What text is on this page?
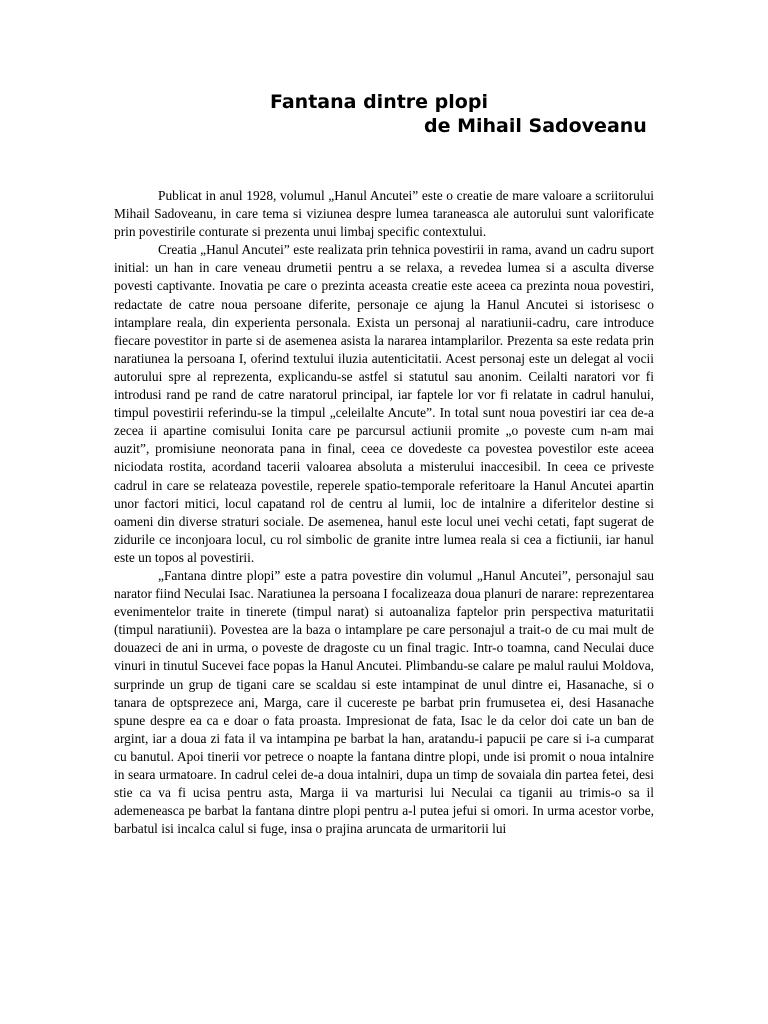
Fantana dintre plopi
de Mihail Sadoveanu

Publicat in anul 1928, volumul „Hanul Ancutei” este o creatie de mare valoare a scriitorului Mihail Sadoveanu, in care tema si viziunea despre lumea taraneasca ale autorului sunt valorificate prin povestirile conturate si prezenta unui limbaj specific contextului.

Creatia „Hanul Ancutei” este realizata prin tehnica povestirii in rama, avand un cadru suport initial: un han in care veneau drumetii pentru a se relaxa, a revedea lumea si a asculta diverse povesti captivante. Inovatia pe care o prezinta aceasta creatie este aceea ca prezinta noua povestiri, redactate de catre noua persoane diferite, personaje ce ajung la Hanul Ancutei si istorisesc o intamplare reala, din experienta personala. Exista un personaj al naratiunii-cadru, care introduce fiecare povestitor in parte si de asemenea asista la nararea intamplarilor. Prezenta sa este redata prin naratiunea la persoana I, oferind textului iluzia autenticitatii. Acest personaj este un delegat al vocii autorului spre al reprezenta, explicandu-se astfel si statutul sau anonim. Ceilalti naratori vor fi introdusi rand pe rand de catre naratorul principal, iar faptele lor vor fi relatate in cadrul hanului, timpul povestirii referindu-se la timpul „celeilalte Ancute”. In total sunt noua povestiri iar cea de-a zecea ii apartine comisului Ionita care pe parcursul actiunii promite „o poveste cum n-am mai auzit”, promisiune neonorata pana in final, ceea ce dovedeste ca povestea povestilor este aceea niciodata rostita, acordand tacerii valoarea absoluta a misterului inaccesibil. In ceea ce priveste cadrul in care se relateaza povestile, reperele spatio-temporale referitoare la Hanul Ancutei apartin unor factori mitici, locul capatand rol de centru al lumii, loc de intalnire a diferitelor destine si oameni din diverse straturi sociale. De asemenea, hanul este locul unei vechi cetati, fapt sugerat de zidurile ce inconjoara locul, cu rol simbolic de granite intre lumea reala si cea a fictiunii, iar hanul este un topos al povestirii.

„Fantana dintre plopi” este a patra povestire din volumul „Hanul Ancutei”, personajul sau narator fiind Neculai Isac. Naratiunea la persoana I focalizeaza doua planuri de narare: reprezentarea evenimentelor traite in tinerete (timpul narat) si autoanaliza faptelor prin perspectiva maturitatii (timpul naratiunii). Povestea are la baza o intamplare pe care personajul a trait-o de cu mai mult de douazeci de ani in urma, o poveste de dragoste cu un final tragic. Intr-o toamna, cand Neculai duce vinuri in tinutul Sucevei face popas la Hanul Ancutei. Plimbandu-se calare pe malul raului Moldova, surprinde un grup de tigani care se scaldau si este intampinat de unul dintre ei, Hasanache, si o tanara de optsprezece ani, Marga, care il cucereste pe barbat prin frumusetea ei, desi Hasanache spune despre ea ca e doar o fata proasta. Impresionat de fata, Isac le da celor doi cate un ban de argint, iar a doua zi fata il va intampina pe barbat la han, aratandu-i papucii pe care si i-a cumparat cu banutul. Apoi tinerii vor petrece o noapte la fantana dintre plopi, unde isi promit o noua intalnire in seara urmatoare. In cadrul celei de-a doua intalniri, dupa un timp de sovaiala din partea fetei, desi stie ca va fi ucisa pentru asta, Marga ii va marturisi lui Neculai ca tiganii au trimis-o sa il ademeneasca pe barbat la fantana dintre plopi pentru a-l putea jefui si omori. In urma acestor vorbe, barbatul isi incalca calul si fuge, insa o prajina aruncata de urmaritorii lui
